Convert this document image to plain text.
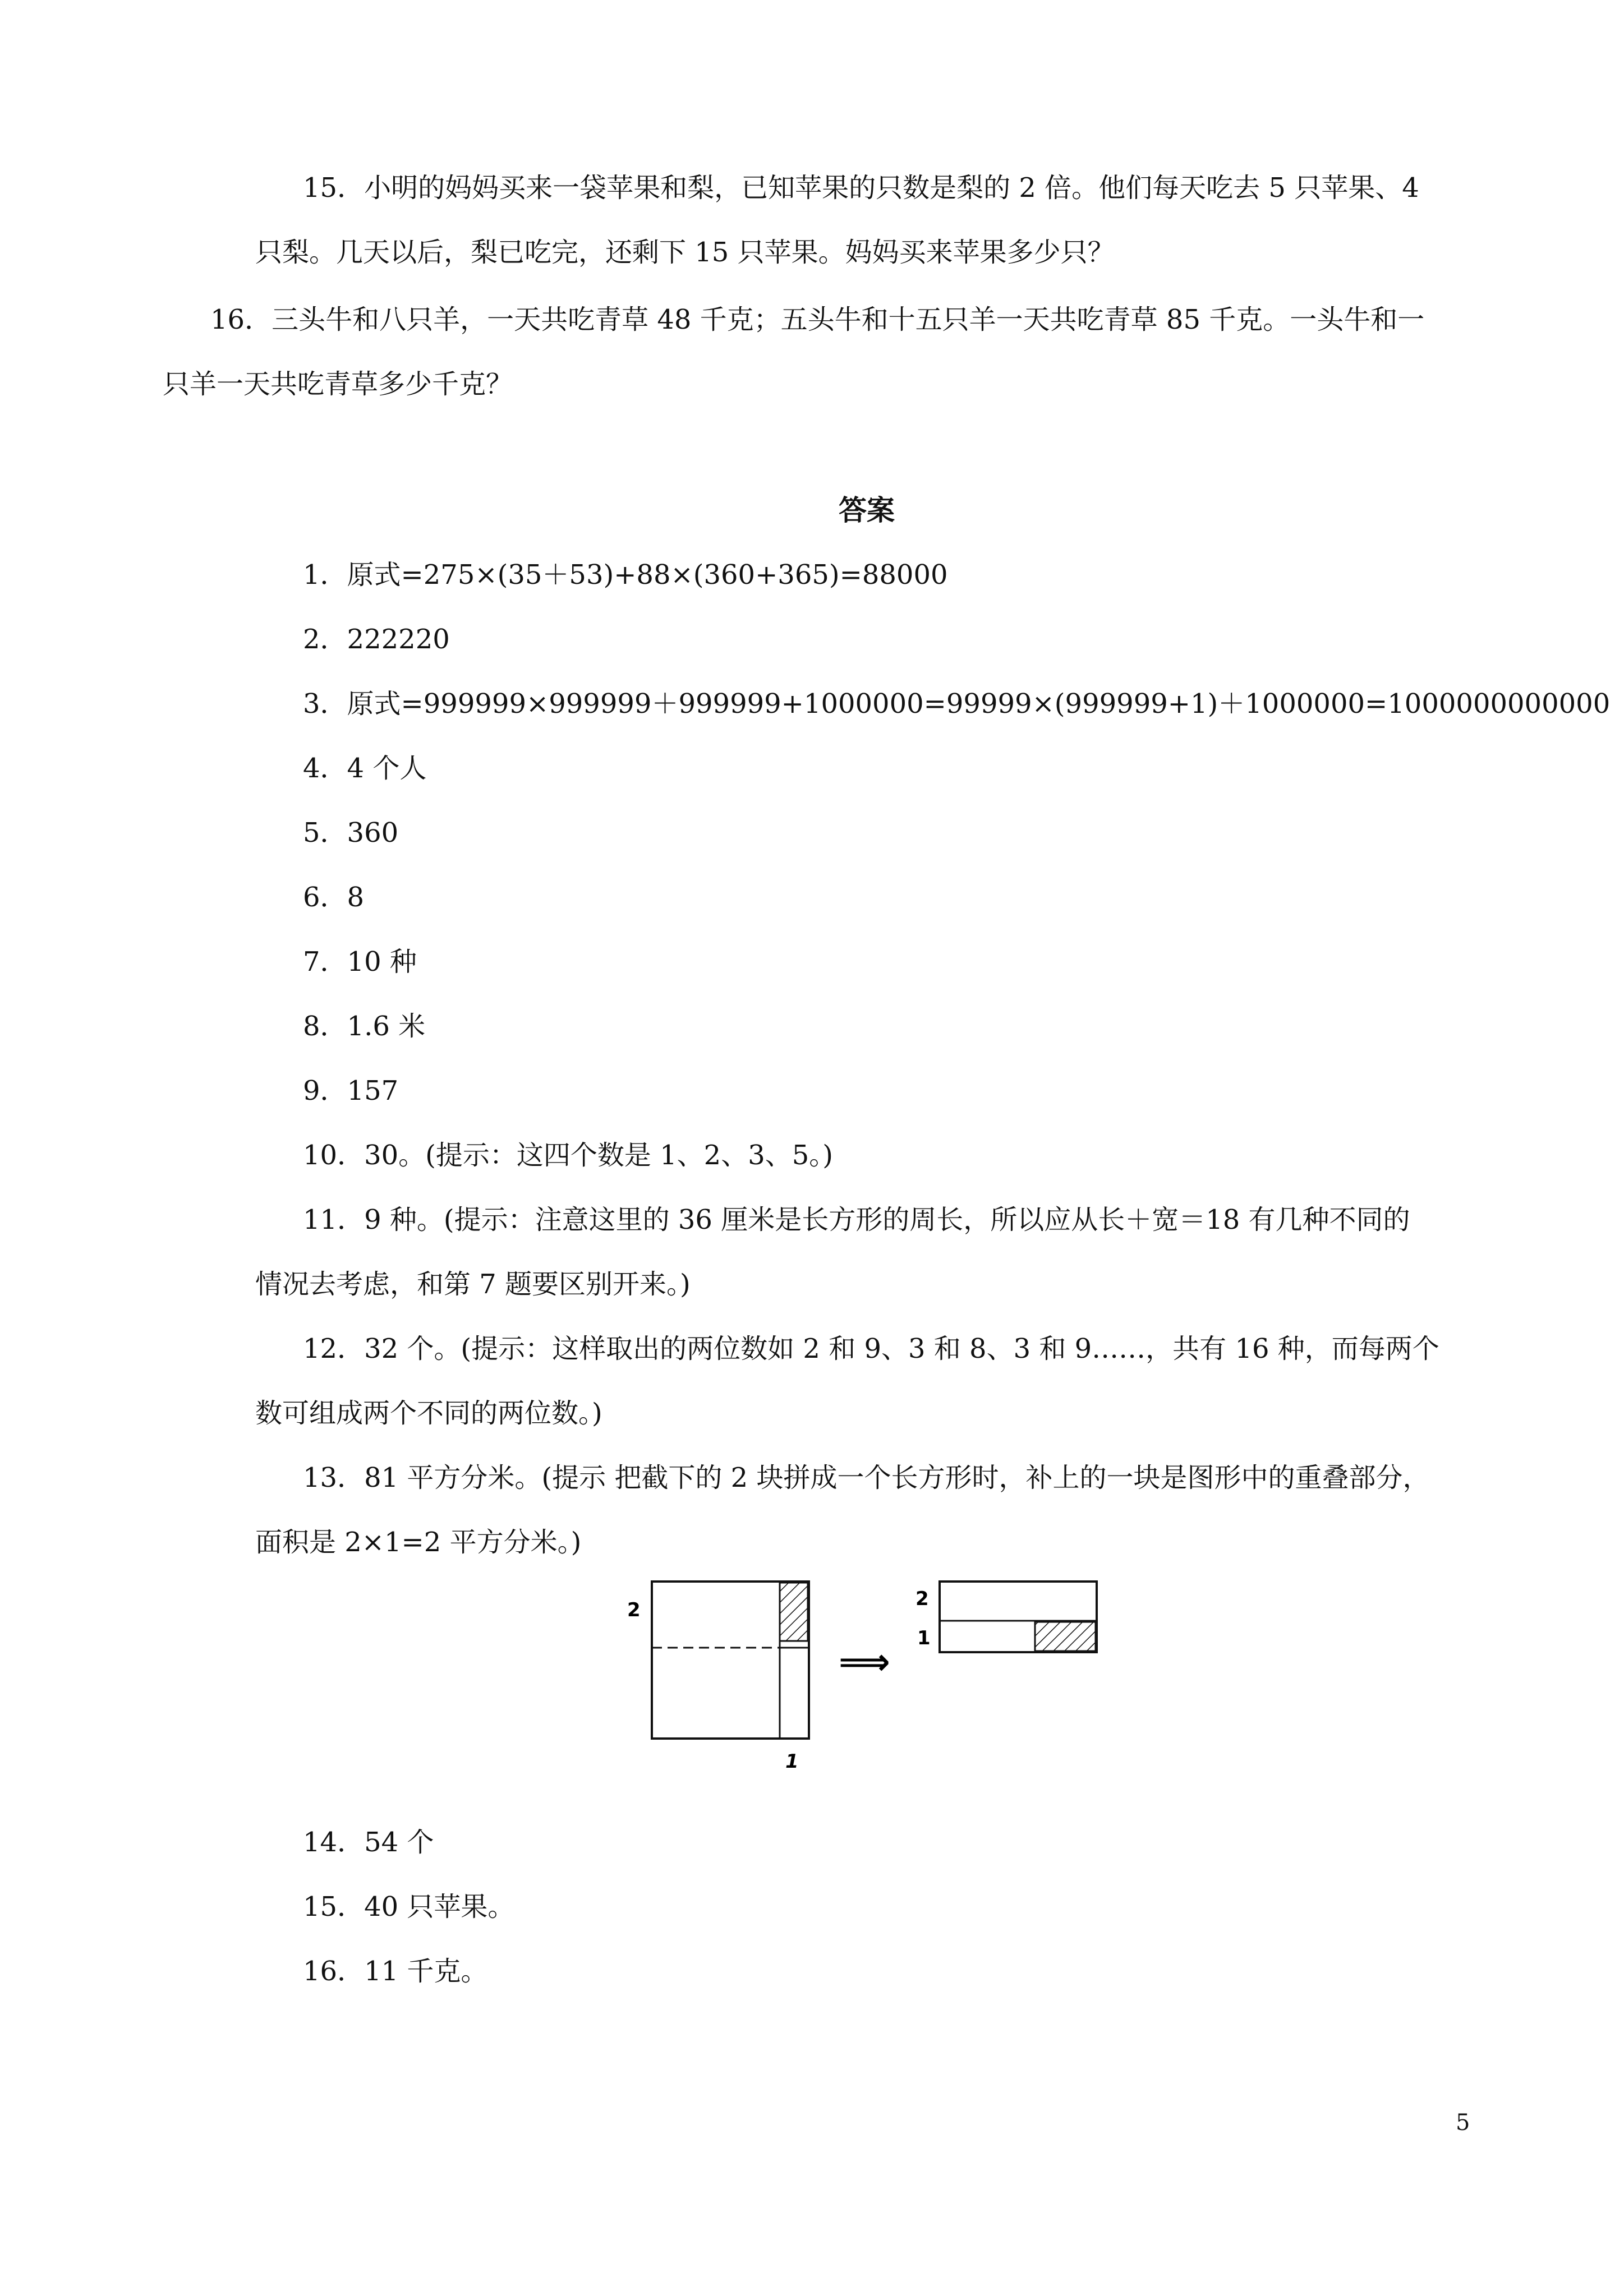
15．小明的妈妈买来一袋苹果和梨，已知苹果的只数是梨的 2 倍。他们每天吃去 5 只苹果、4
只梨。几天以后，梨已吃完，还剩下 15 只苹果。妈妈买来苹果多少只？
16．三头牛和八只羊，一天共吃青草 48 千克；五头牛和十五只羊一天共吃青草 85 千克。一头牛和一
只羊一天共吃青草多少千克？
答案
1．原式=275×(35＋53)+88×(360+365)=88000
2．222220
3．原式=999999×999999＋999999+1000000=99999×(999999+1)＋1000000=1000000000000
4．4 个人
5．360
6．8
7．10 种
8．1.6 米
9．157
10．30。(提示：这四个数是 1、2、3、5。)
11．9 种。(提示：注意这里的 36 厘米是长方形的周长，所以应从长＋宽＝18 有几种不同的
情况去考虑，和第 7 题要区别开来。)
12．32 个。(提示：这样取出的两位数如 2 和 9、3 和 8、3 和 9……，共有 16 种，而每两个
数可组成两个不同的两位数。)
13．81 平方分米。(提示 把截下的 2 块拼成一个长方形时，补上的一块是图形中的重叠部分，
面积是 2×1=2 平方分米。)
2
1
⟹
2
1
14．54 个
15．40 只苹果。
16．11 千克。
5
